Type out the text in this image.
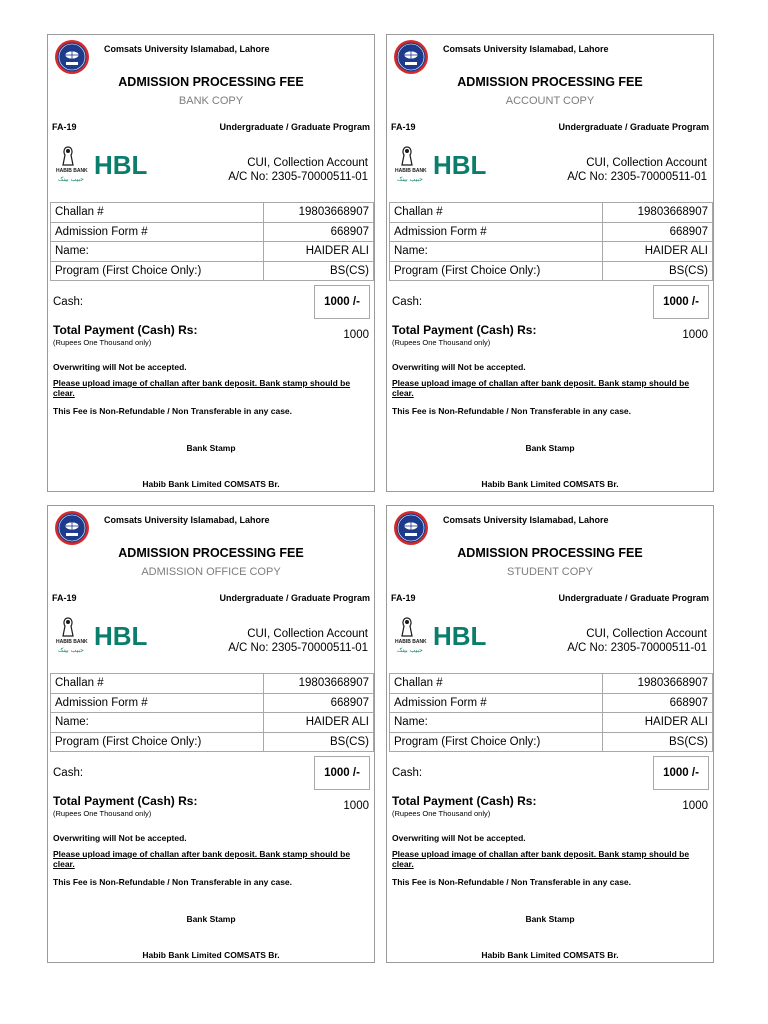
Comsats University Islamabad, Lahore
ADMISSION PROCESSING FEE
BANK COPY
FA-19	Undergraduate / Graduate Program
HABIB BANK
حبیب بینک HBL	CUI, Collection Account
A/C No: 2305-70000511-01
Challan #	19803668907
Admission Form #	668907
Name:	HAIDER ALI
Program (First Choice Only:)	BS(CS)
Cash:	1000 /-
Total Payment (Cash) Rs:
(Rupees One Thousand only)
1000
Overwriting will Not be accepted.
Please upload image of challan after bank deposit. Bank stamp should be clear.
This Fee is Non-Refundable / Non Transferable in any case.
Bank Stamp
Habib Bank Limited COMSATS Br.
Comsats University Islamabad, Lahore
ADMISSION PROCESSING FEE
ACCOUNT COPY
FA-19	Undergraduate / Graduate Program
HABIB BANK
حبیب بینک HBL	CUI, Collection Account
A/C No: 2305-70000511-01
Challan #	19803668907
Admission Form #	668907
Name:	HAIDER ALI
Program (First Choice Only:)	BS(CS)
Cash:	1000 /-
Total Payment (Cash) Rs:
(Rupees One Thousand only)
1000
Overwriting will Not be accepted.
Please upload image of challan after bank deposit. Bank stamp should be clear.
This Fee is Non-Refundable / Non Transferable in any case.
Bank Stamp
Habib Bank Limited COMSATS Br.
Comsats University Islamabad, Lahore
ADMISSION PROCESSING FEE
ADMISSION OFFICE COPY
FA-19	Undergraduate / Graduate Program
HABIB BANK
حبیب بینک HBL	CUI, Collection Account
A/C No: 2305-70000511-01
Challan #	19803668907
Admission Form #	668907
Name:	HAIDER ALI
Program (First Choice Only:)	BS(CS)
Cash:	1000 /-
Total Payment (Cash) Rs:
(Rupees One Thousand only)
1000
Overwriting will Not be accepted.
Please upload image of challan after bank deposit. Bank stamp should be clear.
This Fee is Non-Refundable / Non Transferable in any case.
Bank Stamp
Habib Bank Limited COMSATS Br.
Comsats University Islamabad, Lahore
ADMISSION PROCESSING FEE
STUDENT COPY
FA-19	Undergraduate / Graduate Program
HABIB BANK
حبیب بینک HBL	CUI, Collection Account
A/C No: 2305-70000511-01
Challan #	19803668907
Admission Form #	668907
Name:	HAIDER ALI
Program (First Choice Only:)	BS(CS)
Cash:	1000 /-
Total Payment (Cash) Rs:
(Rupees One Thousand only)
1000
Overwriting will Not be accepted.
Please upload image of challan after bank deposit. Bank stamp should be clear.
This Fee is Non-Refundable / Non Transferable in any case.
Bank Stamp
Habib Bank Limited COMSATS Br.
